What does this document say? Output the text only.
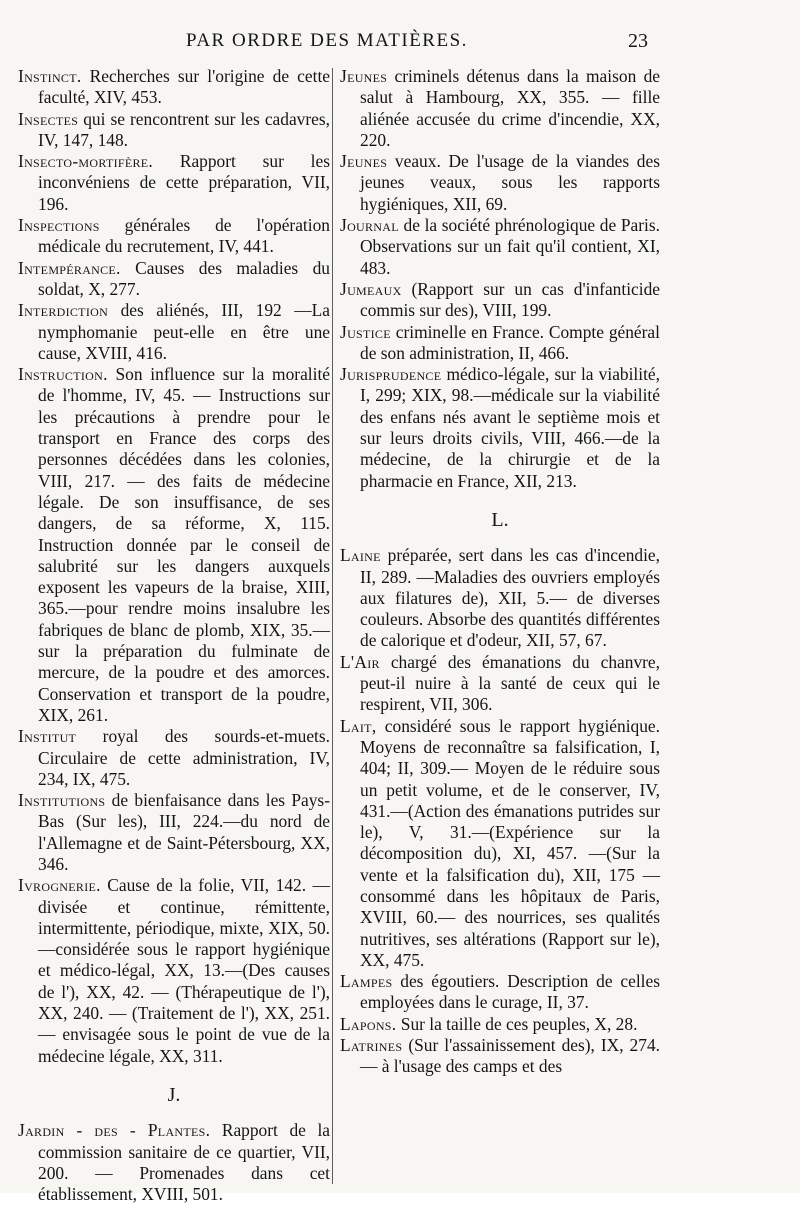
PAR ORDRE DES MATIÈRES.	23

Instinct. Recherches sur l'origine de cette faculté, XIV, 453.

Insectes qui se rencontrent sur les cadavres, IV, 147, 148.

Insecto-mortifère. Rapport sur les inconvéniens de cette préparation, VII, 196.

Inspections générales de l'opération médicale du recrutement, IV, 441.

Intempérance. Causes des maladies du soldat, X, 277.

Interdiction des aliénés, III, 192 —La nymphomanie peut-elle en être une cause, XVIII, 416.

Instruction. Son influence sur la moralité de l'homme, IV, 45. — Instructions sur les précautions à prendre pour le transport en France des corps des personnes décédées dans les colonies, VIII, 217. — des faits de médecine légale. De son insuffisance, de ses dangers, de sa réforme, X, 115. Instruction donnée par le conseil de salubrité sur les dangers auxquels exposent les vapeurs de la braise, XIII, 365.—pour rendre moins insalubre les fabriques de blanc de plomb, XIX, 35.—sur la préparation du fulminate de mercure, de la poudre et des amorces. Conservation et transport de la poudre, XIX, 261.

Institut royal des sourds-et-muets. Circulaire de cette administration, IV, 234, IX, 475.

Institutions de bienfaisance dans les Pays-Bas (Sur les), III, 224.—du nord de l'Allemagne et de Saint-Pétersbourg, XX, 346.

Ivrognerie. Cause de la folie, VII, 142. — divisée et continue, rémittente, intermittente, périodique, mixte, XIX, 50.—considérée sous le rapport hygiénique et médico-légal, XX, 13.—(Des causes de l'), XX, 42. — (Thérapeutique de l'), XX, 240. — (Traitement de l'), XX, 251. — envisagée sous le point de vue de la médecine légale, XX, 311.

J.

Jardin - des - Plantes. Rapport de la commission sanitaire de ce quartier, VII, 200. — Promenades dans cet établissement, XVIII, 501.

Jeunes criminels détenus dans la maison de salut à Hambourg, XX, 355. — fille aliénée accusée du crime d'incendie, XX, 220.

Jeunes veaux. De l'usage de la viandes des jeunes veaux, sous les rapports hygiéniques, XII, 69.

Journal de la société phrénologique de Paris. Observations sur un fait qu'il contient, XI, 483.

Jumeaux (Rapport sur un cas d'infanticide commis sur des), VIII, 199.

Justice criminelle en France. Compte général de son administration, II, 466.

Jurisprudence médico-légale, sur la viabilité, I, 299; XIX, 98.—médicale sur la viabilité des enfans nés avant le septième mois et sur leurs droits civils, VIII, 466.—de la médecine, de la chirurgie et de la pharmacie en France, XII, 213.

L.

Laine préparée, sert dans les cas d'incendie, II, 289. —Maladies des ouvriers employés aux filatures de), XII, 5.— de diverses couleurs. Absorbe des quantités différentes de calorique et d'odeur, XII, 57, 67.

L'Air chargé des émanations du chanvre, peut-il nuire à la santé de ceux qui le respirent, VII, 306.

Lait, considéré sous le rapport hygiénique. Moyens de reconnaître sa falsification, I, 404; II, 309.— Moyen de le réduire sous un petit volume, et de le conserver, IV, 431.—(Action des émanations putrides sur le), V, 31.—(Expérience sur la décomposition du), XI, 457. —(Sur la vente et la falsification du), XII, 175 — consommé dans les hôpitaux de Paris, XVIII, 60.— des nourrices, ses qualités nutritives, ses altérations (Rapport sur le), XX, 475.

Lampes des égoutiers. Description de celles employées dans le curage, II, 37.

Lapons. Sur la taille de ces peuples, X, 28.

Latrines (Sur l'assainissement des), IX, 274. — à l'usage des camps et des
